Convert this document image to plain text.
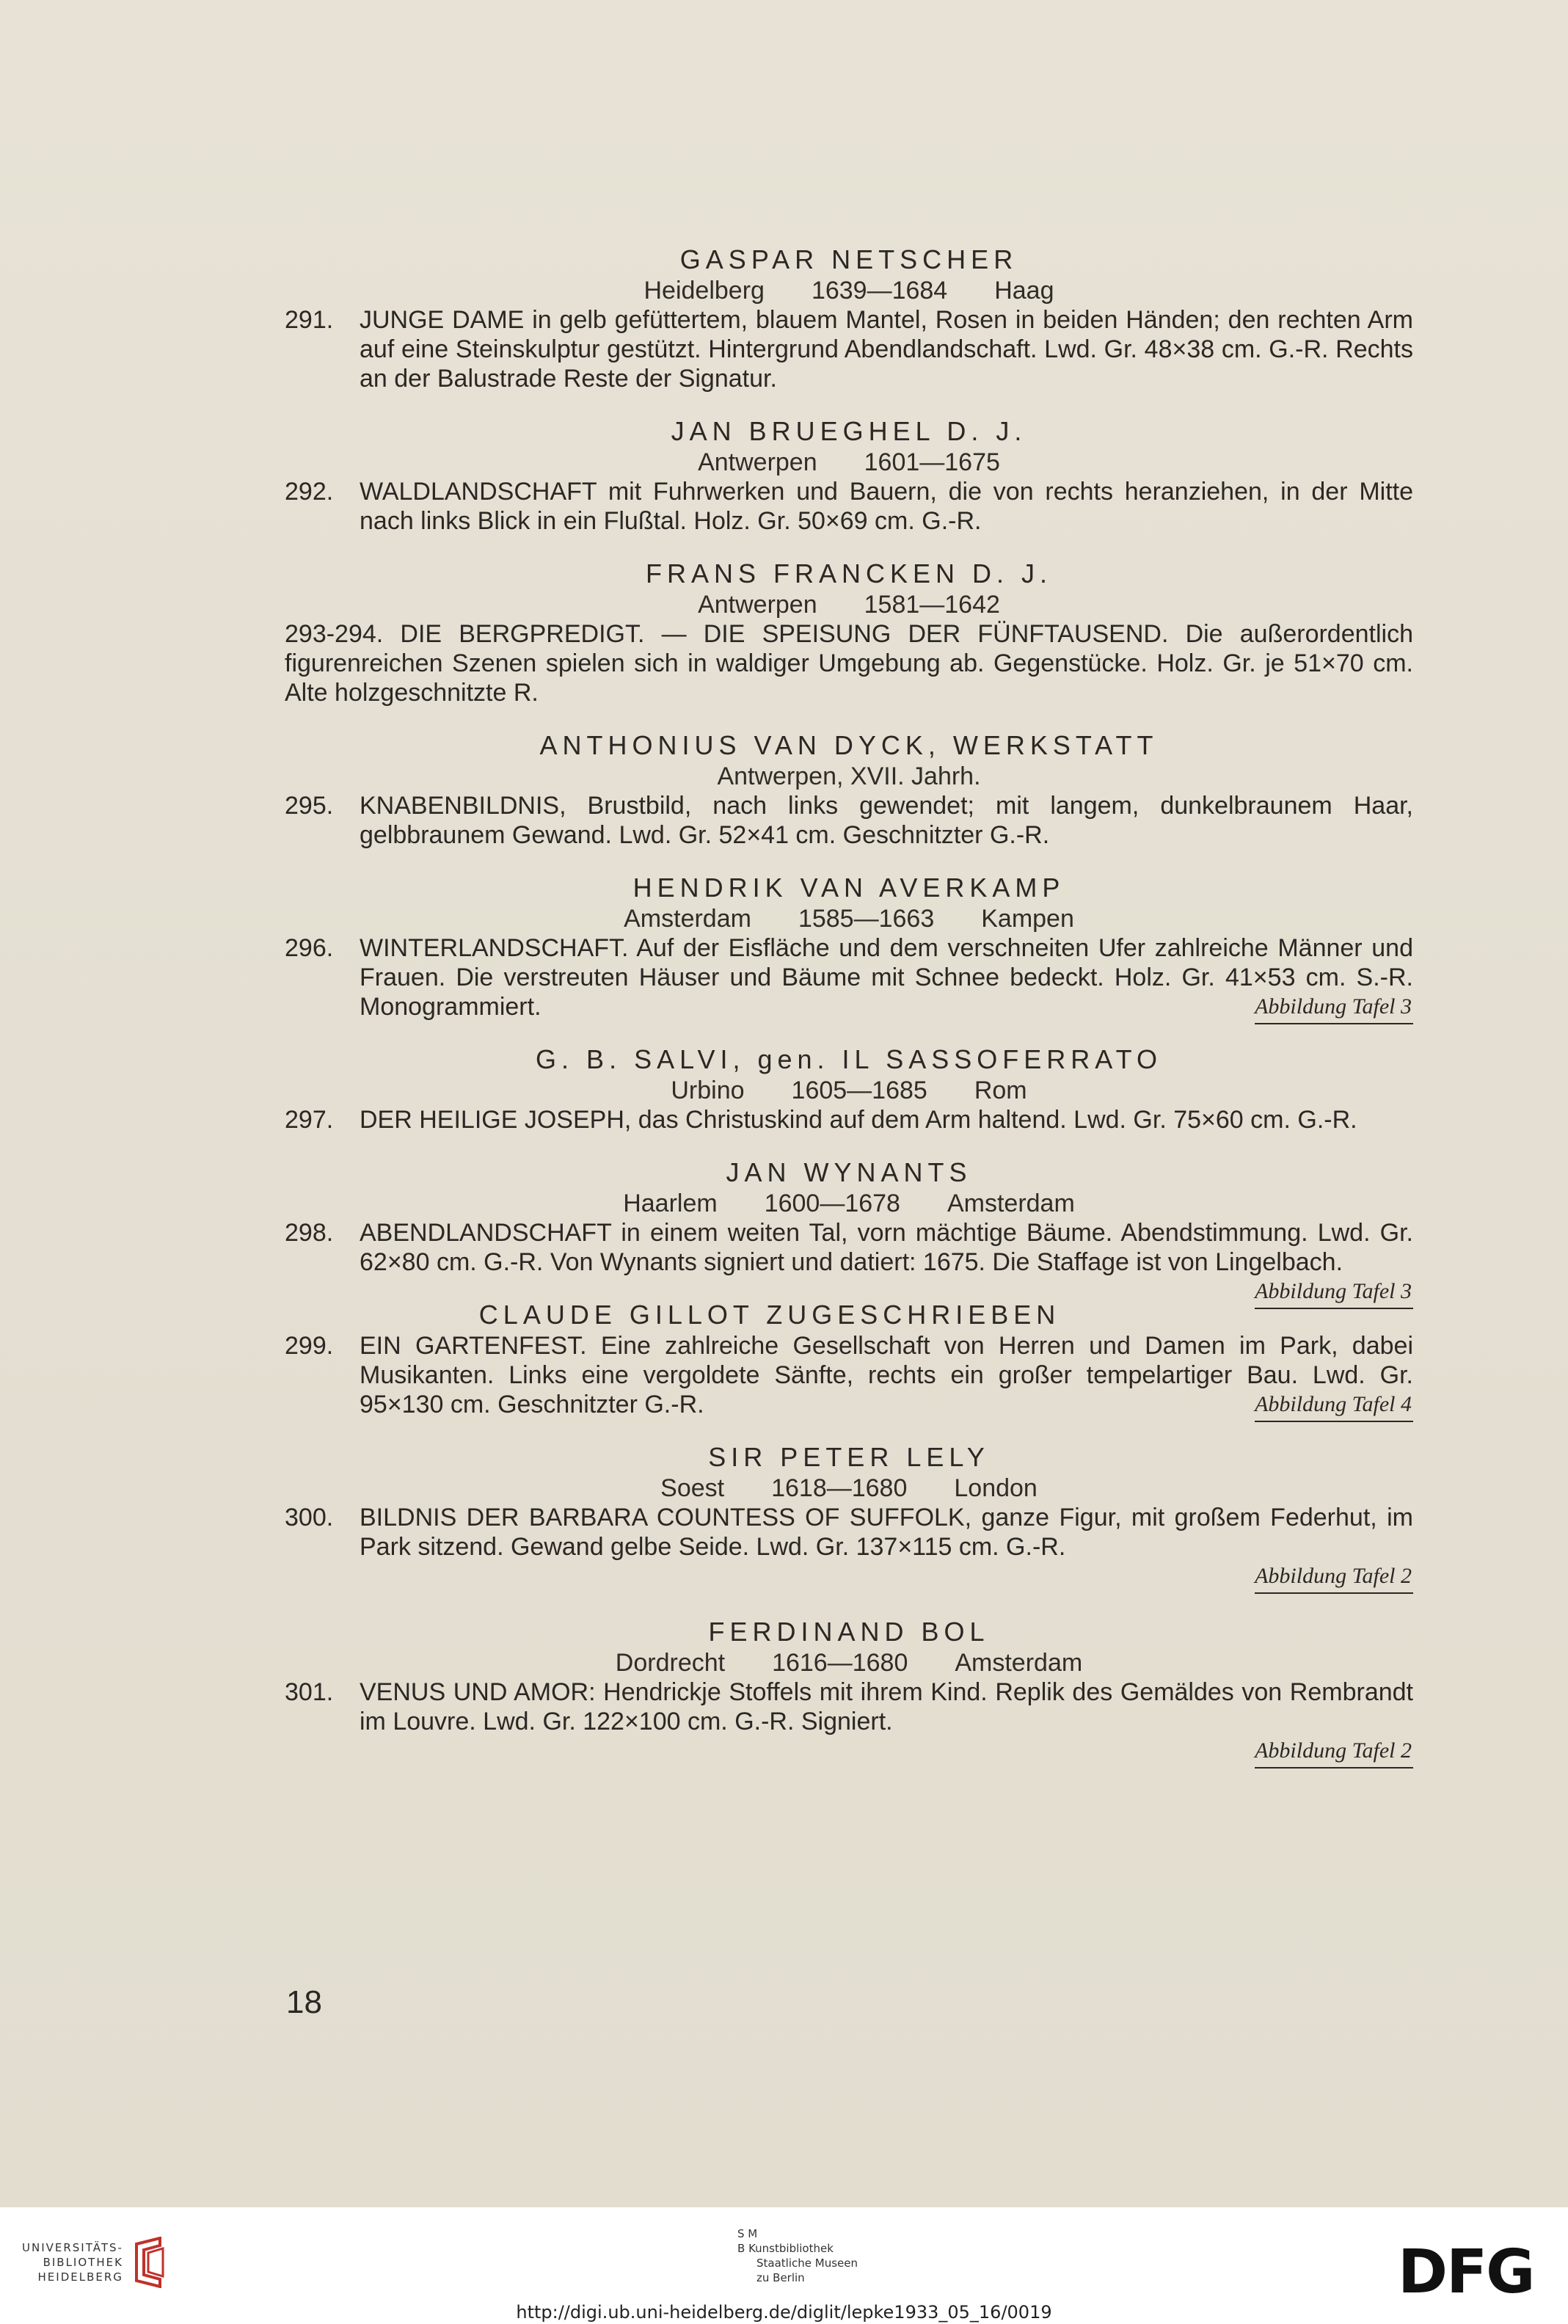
GASPAR NETSCHER
Heidelberg 1639—1684 Haag
291. JUNGE DAME in gelb gefüttertem, blauem Mantel, Rosen in beiden Händen; den rechten Arm auf eine Steinskulptur gestützt. Hintergrund Abendlandschaft. Lwd. Gr. 48×38 cm. G.-R. Rechts an der Balustrade Reste der Signatur.
JAN BRUEGHEL D. J.
Antwerpen 1601—1675
292. WALDLANDSCHAFT mit Fuhrwerken und Bauern, die von rechts heranziehen, in der Mitte nach links Blick in ein Flußtal. Holz. Gr. 50×69 cm. G.-R.
FRANS FRANCKEN D. J.
Antwerpen 1581—1642
293-294. DIE BERGPREDIGT. — DIE SPEISUNG DER FÜNFTAUSEND. Die außerordentlich figurenreichen Szenen spielen sich in waldiger Umgebung ab. Gegenstücke. Holz. Gr. je 51×70 cm. Alte holzgeschnitzte R.
ANTHONIUS VAN DYCK, WERKSTATT
Antwerpen, XVII. Jahrh.
295. KNABENBILDNIS, Brustbild, nach links gewendet; mit langem, dunkelbraunem Haar, gelbbraunem Gewand. Lwd. Gr. 52×41 cm. Geschnitzter G.-R.
HENDRIK VAN AVERKAMP
Amsterdam 1585—1663 Kampen
296. WINTERLANDSCHAFT. Auf der Eisfläche und dem verschneiten Ufer zahlreiche Männer und Frauen. Die verstreuten Häuser und Bäume mit Schnee bedeckt. Holz. Gr. 41×53 cm. S.-R. Monogrammiert.	Abbildung Tafel 3
G. B. SALVI, gen. IL SASSOFERRATO
Urbino 1605—1685 Rom
297. DER HEILIGE JOSEPH, das Christuskind auf dem Arm haltend. Lwd. Gr. 75×60 cm. G.-R.
JAN WYNANTS
Haarlem 1600—1678 Amsterdam
298. ABENDLANDSCHAFT in einem weiten Tal, vorn mächtige Bäume. Abendstimmung. Lwd. Gr. 62×80 cm. G.-R. Von Wynants signiert und datiert: 1675. Die Staffage ist von Lingelbach.
Abbildung Tafel 3
CLAUDE GILLOT ZUGESCHRIEBEN
299. EIN GARTENFEST. Eine zahlreiche Gesellschaft von Herren und Damen im Park, dabei Musikanten. Links eine vergoldete Sänfte, rechts ein großer tempelartiger Bau. Lwd. Gr. 95×130 cm. Geschnitzter G.-R.	Abbildung Tafel 4
SIR PETER LELY
Soest 1618—1680 London
300. BILDNIS DER BARBARA COUNTESS OF SUFFOLK, ganze Figur, mit großem Federhut, im Park sitzend. Gewand gelbe Seide. Lwd. Gr. 137×115 cm. G.-R.
Abbildung Tafel 2
FERDINAND BOL
Dordrecht 1616—1680 Amsterdam
301. VENUS UND AMOR: Hendrickje Stoffels mit ihrem Kind. Replik des Gemäldes von Rembrandt im Louvre. Lwd. Gr. 122×100 cm. G.-R. Signiert.
Abbildung Tafel 2
18
UNIVERSITÄTS-
BIBLIOTHEK
HEIDELBERG
S M
B Kunstbibliothek
Staatliche Museen
zu Berlin	DFG
http://digi.ub.uni-heidelberg.de/diglit/lepke1933_05_16/0019
